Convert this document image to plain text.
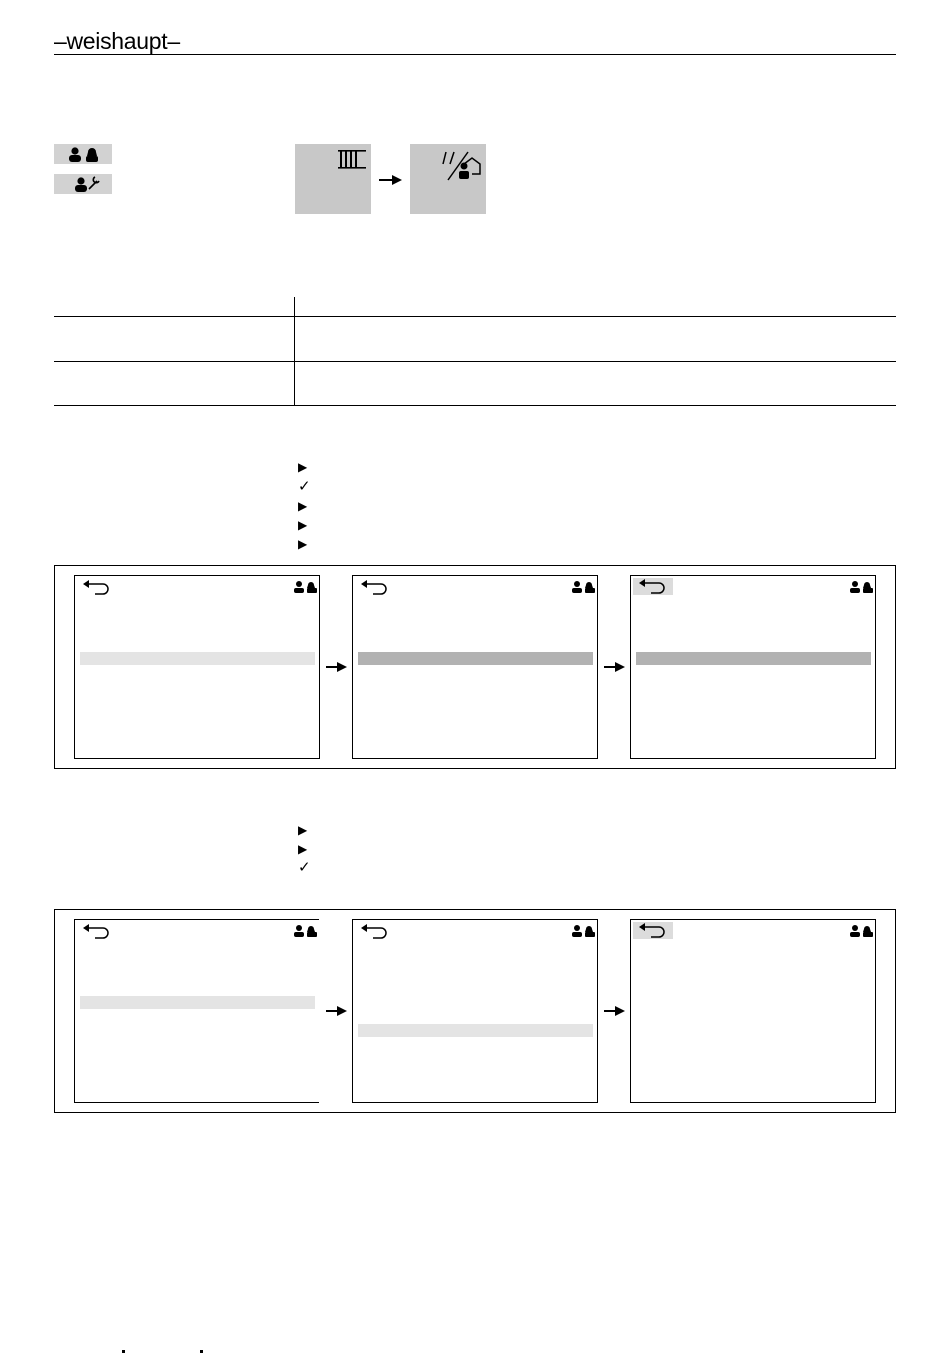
–weishaupt–
▶
✓
▶
▶
▶
▶
▶
✓
